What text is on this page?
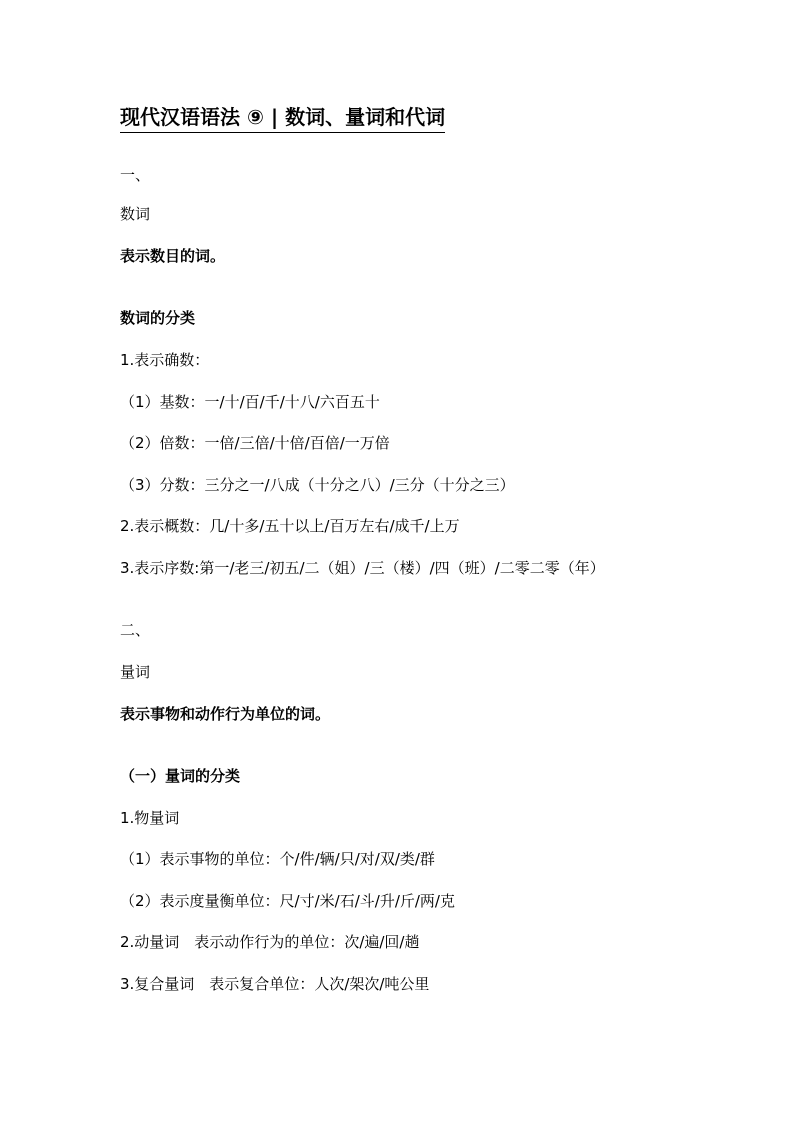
现代汉语语法 ⑨ | 数词、量词和代词
一、
数词
表示数目的词。
数词的分类
1.表示确数：
（1）基数：一/十/百/千/十八/六百五十
（2）倍数：一倍/三倍/十倍/百倍/一万倍
（3）分数：三分之一/八成（十分之八）/三分（十分之三）
2.表示概数：几/十多/五十以上/百万左右/成千/上万
3.表示序数:第一/老三/初五/二（姐）/三（楼）/四（班）/二零二零（年）
二、
量词
表示事物和动作行为单位的词。
（一）量词的分类
1.物量词
（1）表示事物的单位：个/件/辆/只/对/双/类/群
（2）表示度量衡单位：尺/寸/米/石/斗/升/斤/两/克
2.动量词　表示动作行为的单位：次/遍/回/趟
3.复合量词　表示复合单位：人次/架次/吨公里
